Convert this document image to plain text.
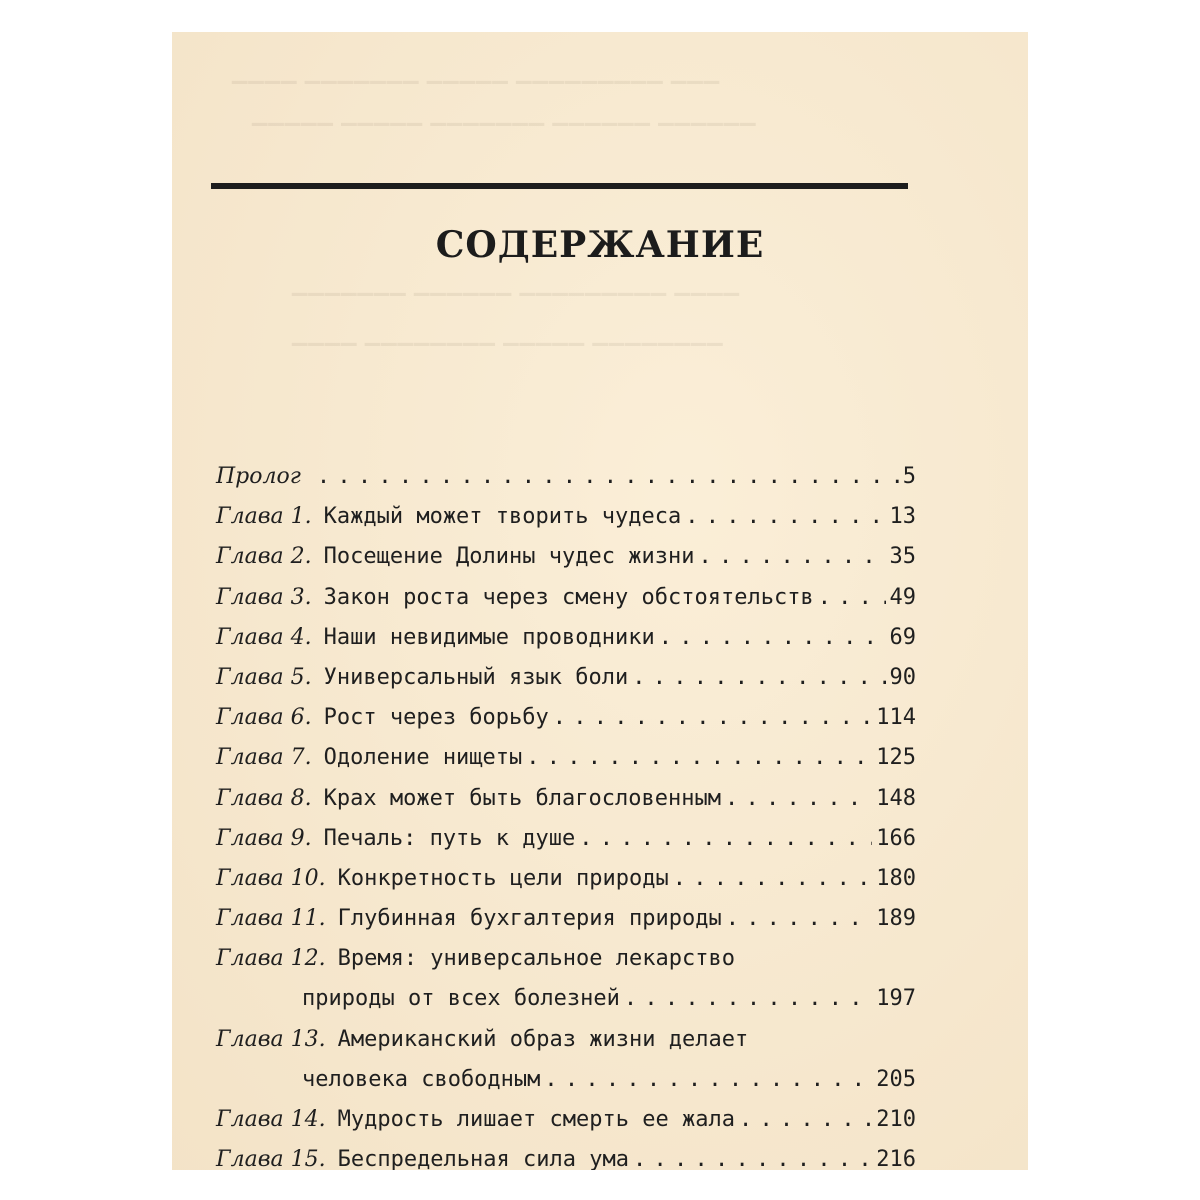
▁▁▁▁ ▁▁▁▁▁▁▁ ▁▁▁▁▁ ▁▁▁▁▁▁▁▁▁ ▁▁▁
▁▁▁▁▁ ▁▁▁▁▁ ▁▁▁▁▁▁▁ ▁▁▁▁▁▁ ▁▁▁▁▁▁
▁▁▁▁▁▁▁ ▁▁▁▁▁▁ ▁▁▁▁▁▁▁▁▁ ▁▁▁▁
▁▁▁▁ ▁▁▁▁▁▁▁▁ ▁▁▁▁▁ ▁▁▁▁▁▁▁▁
СОДЕРЖАНИЕ
Пролог . . .	5
Глава 1. Каждый может творить чудеса . . .	13
Глава 2. Посещение Долины чудес жизни . . .	35
Глава 3. Закон роста через смену обстоятельств . . .	49
Глава 4. Наши невидимые проводники . . .	69
Глава 5. Универсальный язык боли . . .	90
Глава 6. Рост через борьбу . . .	114
Глава 7. Одоление нищеты . . .	125
Глава 8. Крах может быть благословенным . . .	148
Глава 9. Печаль: путь к душе . . .	166
Глава 10. Конкретность цели природы . . .	180
Глава 11. Глубинная бухгалтерия природы . . .	189
Глава 12. Время: универсальное лекарство
природы от всех болезней . . .	197
Глава 13. Американский образ жизни делает
человека свободным . . .	205
Глава 14. Мудрость лишает смерть ее жала . . .	210
Глава 15. Беспредельная сила ума . . .	216
